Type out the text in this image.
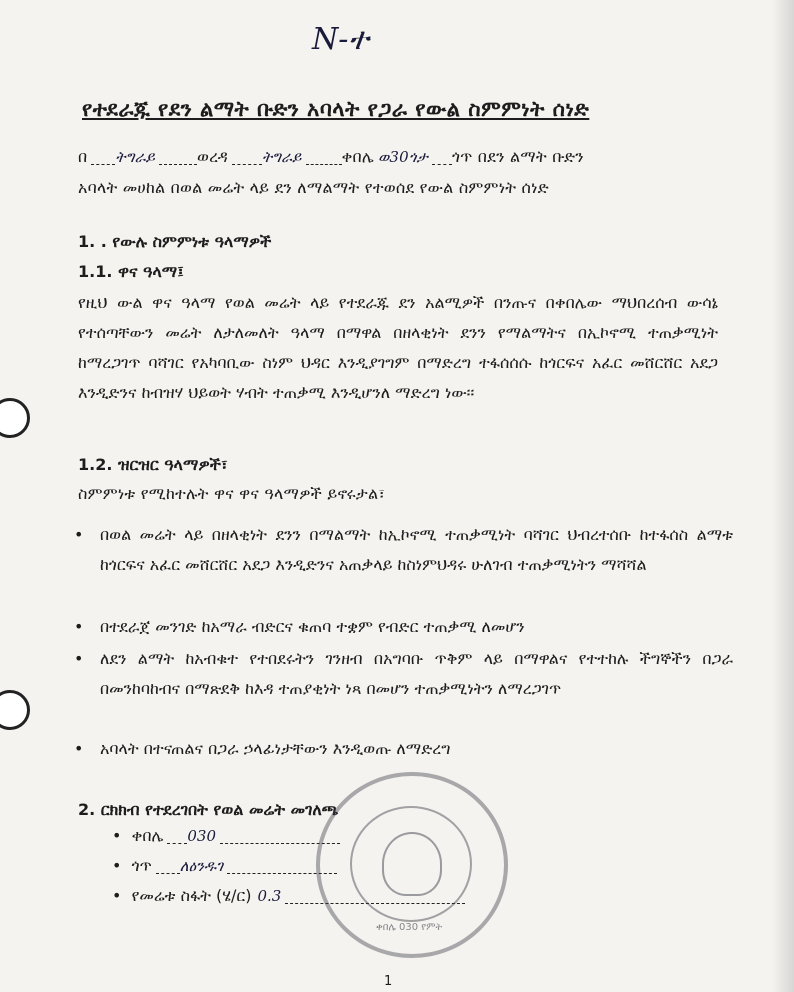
N-ተ
የተደራጁ የደን ልማት ቡድን አባላት የጋራ የውል ስምምነት ሰነድ
በ ትግራይ	ወረዳ ትግራይ	ቀበሌ ወ30ጎታ ጎጥ በደን ልማት ቡድን
አባላት መሀከል በወል መሬት ላይ ደን ለማልማት የተወሰደ የውል ስምምነት ሰነድ
1. . የውሉ ስምምነቱ ዓላማዎች
1.1. ዋና ዓላማ፤
የዚህ ውል ዋና ዓላማ የወል መሬት ላይ የተደራጁ ደን አልሚዎች በንጡና በቀበሌው ማህበረሰብ ውሳኔ የተሰጣቸውን መሬት ለታለመለት ዓላማ በማዋል በዘላቂነት ደንን የማልማትና በኢኮኖሚ ተጠቃሚነት ከማረጋገጥ ባሻገር የአካባቢው ስነም ህዳር እንዲያገግም በማድረግ ተፋሰሰሱ ከጎርፍና አፈር መሸርሸር አደጋ እንዲድንና ከብዝሃ ህይወት ሃብት ተጠቃሚ እንዲሆንለ ማድረግ ነው፡፡
1.2. ዝርዝር ዓላማዎች፣
ስምምነቱ የሚከተሉት ዋና ዋና ዓላማዎች ይኖሩታል፣
•	በወል መሬት ላይ በዘላቂነት ደንን በማልማት ከኢኮኖሚ ተጠቃሚነት ባሻገር ህብረተሰቡ ከተፋሰስ ልማቱ ከጎርፍና አፈር መሸርሸር አደጋ እንዲድንና አጠቃላይ ከስነምህዳሩ ሁለገብ ተጠቃሚነትን ማሻሻል
•	በተደራጀ መንገድ ከአማራ ብድርና ቁጠባ ተቋም የብድር ተጠቃሚ ለመሆን
•	ለደን ልማት ከአብቁተ የተበደሩትን ገንዘብ በአግባቡ ጥቅም ላይ በማዋልና የተተከሉ ችግኞችን በጋራ በመንከባከብና በማጽደቅ ከእዳ ተጠያቂነት ነጻ በመሆን ተጠቃሚነትን ለማረጋገጥ
•	አባላት በተናጠልና በጋራ ኃላፊነታቸውን እንዲወጡ ለማድረግ
2. ርክክብ የተደረገበት የወል መሬት መገለጫ
•  ቀበሌ 030
•  ጎጥ ለዕንዱገ
•  የመሬቱ ስፋት (ሄ/ር) 0.3
ቀበሌ 030 የምት
1
